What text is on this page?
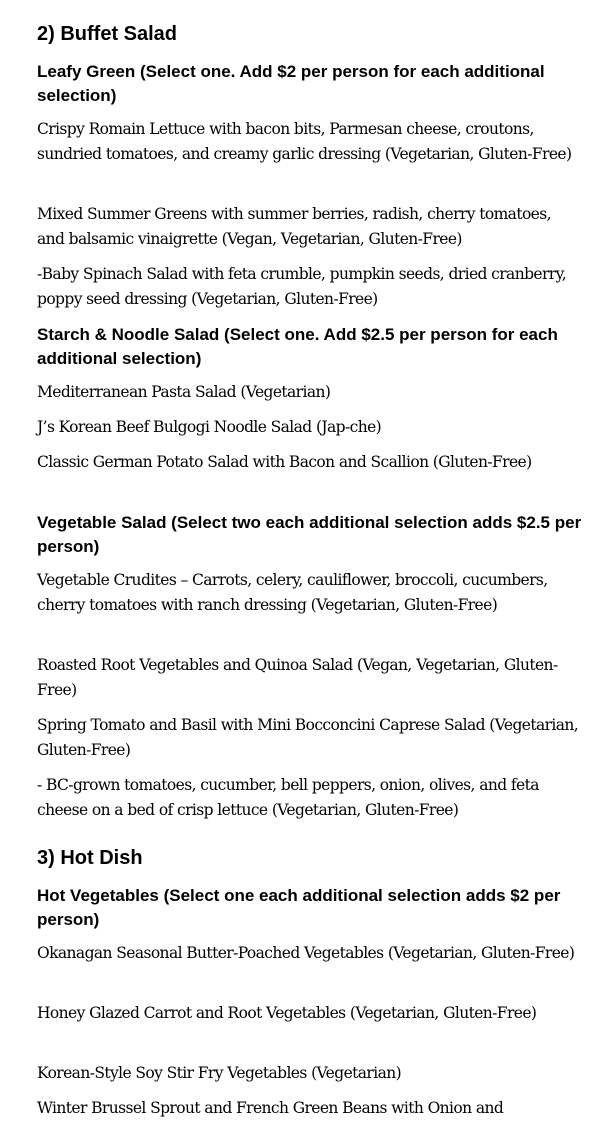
2) Buffet Salad

Leafy Green (Select one. Add $2 per person for each additional selection)

Crispy Romain Lettuce with bacon bits, Parmesan cheese, croutons, sundried tomatoes, and creamy garlic dressing (Vegetarian, Gluten-Free)

Mixed Summer Greens with summer berries, radish, cherry tomatoes, and balsamic vinaigrette (Vegan, Vegetarian, Gluten-Free)

-Baby Spinach Salad with feta crumble, pumpkin seeds, dried cranberry, poppy seed dressing (Vegetarian, Gluten-Free)

Starch & Noodle Salad (Select one. Add $2.5 per person for each additional selection)

Mediterranean Pasta Salad (Vegetarian)

J’s Korean Beef Bulgogi Noodle Salad (Jap-che)

Classic German Potato Salad with Bacon and Scallion (Gluten-Free)

Vegetable Salad (Select two each additional selection adds $2.5 per person)

Vegetable Crudites – Carrots, celery, cauliflower, broccoli, cucumbers, cherry tomatoes with ranch dressing (Vegetarian, Gluten-Free)

Roasted Root Vegetables and Quinoa Salad (Vegan, Vegetarian, Gluten-Free)

Spring Tomato and Basil with Mini Bocconcini Caprese Salad (Vegetarian, Gluten-Free)

- BC-grown tomatoes, cucumber, bell peppers, onion, olives, and feta cheese on a bed of crisp lettuce (Vegetarian, Gluten-Free)

3) Hot Dish

Hot Vegetables (Select one each additional selection adds $2 per person)

Okanagan Seasonal Butter-Poached Vegetables (Vegetarian, Gluten-Free)

Honey Glazed Carrot and Root Vegetables (Vegetarian, Gluten-Free)

Korean-Style Soy Stir Fry Vegetables (Vegetarian)

Winter Brussel Sprout and French Green Beans with Onion and
